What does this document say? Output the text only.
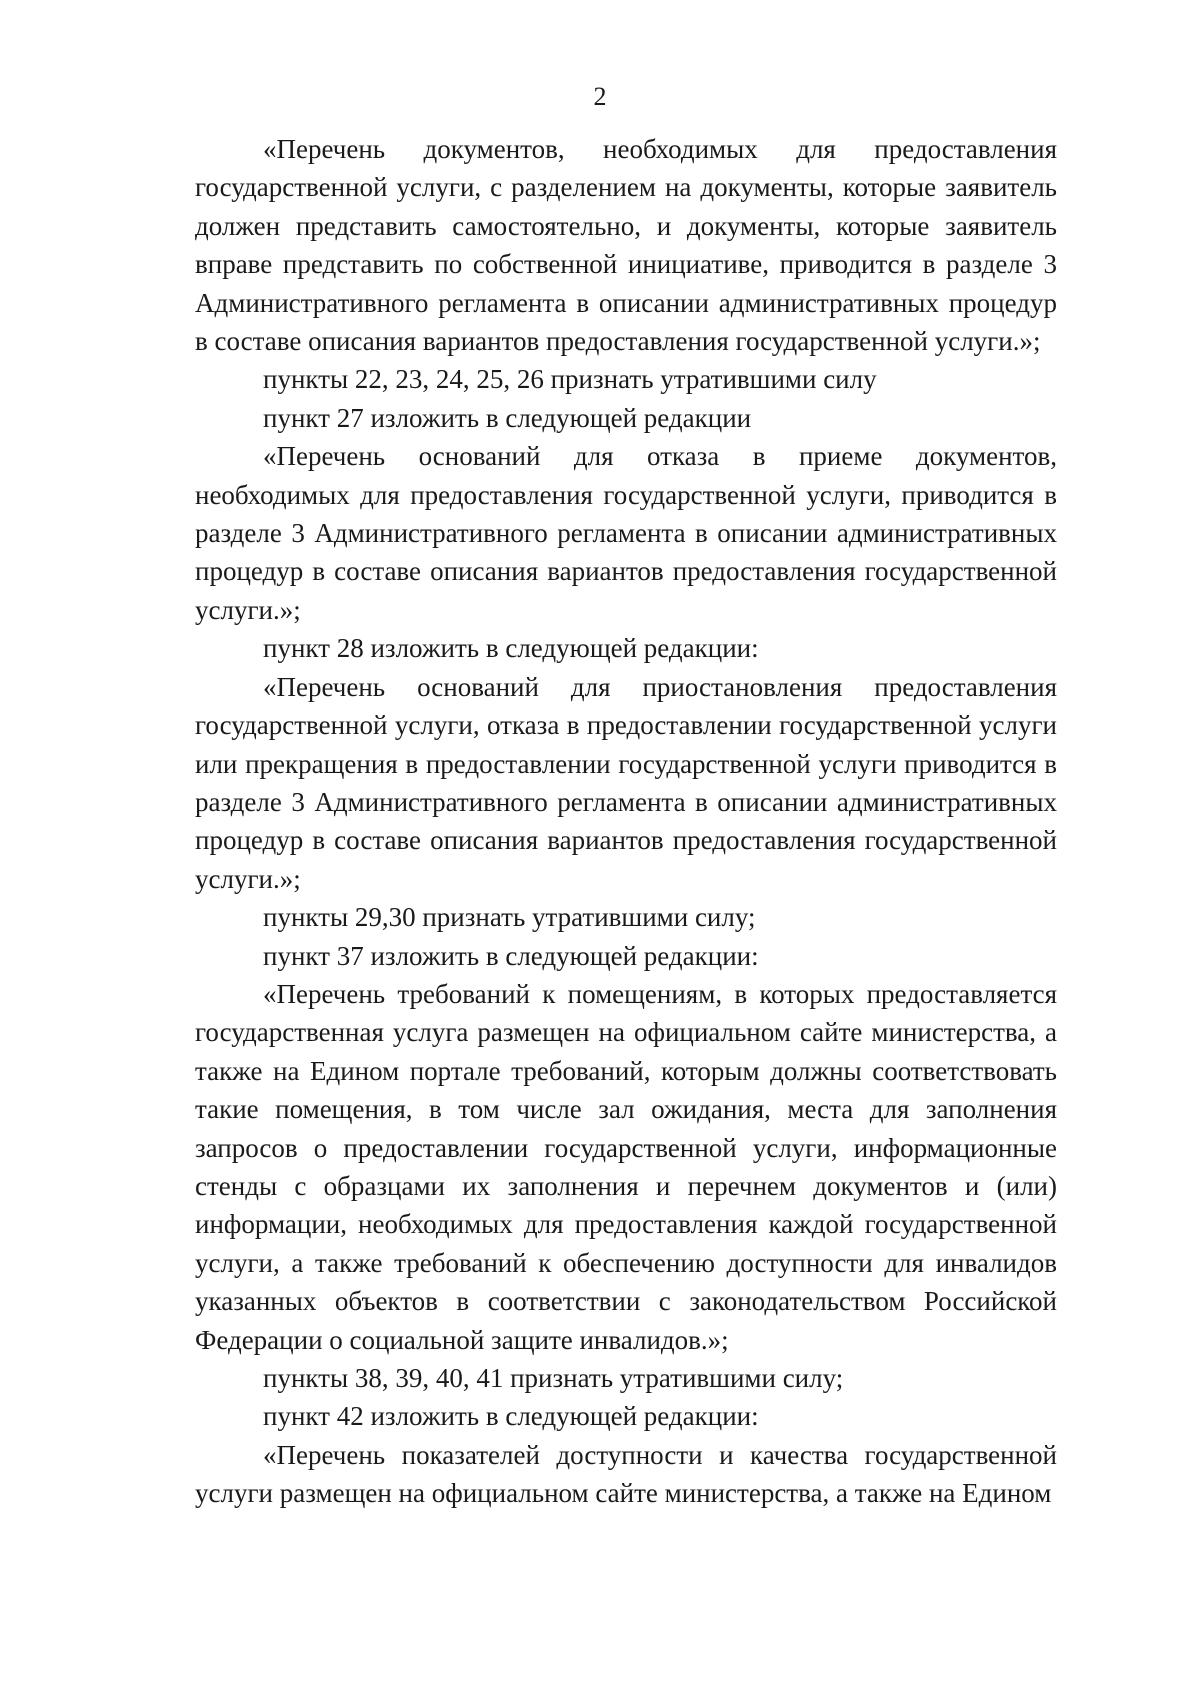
2

«Перечень документов, необходимых для предоставления государственной услуги, с разделением на документы, которые заявитель должен представить самостоятельно, и документы, которые заявитель вправе представить по собственной инициативе, приводится в разделе 3 Административного регламента в описании административных процедур в составе описания вариантов предоставления государственной услуги.»;

пункты 22, 23, 24, 25, 26 признать утратившими силу

пункт 27 изложить в следующей редакции

«Перечень оснований для отказа в приеме документов, необходимых для предоставления государственной услуги, приводится в разделе 3 Административного регламента в описании административных процедур в составе описания вариантов предоставления государственной услуги.»;

пункт 28 изложить в следующей редакции:

«Перечень оснований для приостановления предоставления государственной услуги, отказа в предоставлении государственной услуги или прекращения в предоставлении государственной услуги приводится в разделе 3 Административного регламента в описании административных процедур в составе описания вариантов предоставления государственной услуги.»;

пункты 29,30 признать утратившими силу;

пункт 37 изложить в следующей редакции:

«Перечень требований к помещениям, в которых предоставляется государственная услуга размещен на официальном сайте министерства, а также на Едином портале требований, которым должны соответствовать такие помещения, в том числе зал ожидания, места для заполнения запросов о предоставлении государственной услуги, информационные стенды с образцами их заполнения и перечнем документов и (или) информации, необходимых для предоставления каждой государственной услуги, а также требований к обеспечению доступности для инвалидов указанных объектов в соответствии с законодательством Российской Федерации о социальной защите инвалидов.»;

пункты 38, 39, 40, 41 признать утратившими силу;

пункт 42 изложить в следующей редакции:

«Перечень показателей доступности и качества государственной услуги размещен на официальном сайте министерства, а также на Едином
